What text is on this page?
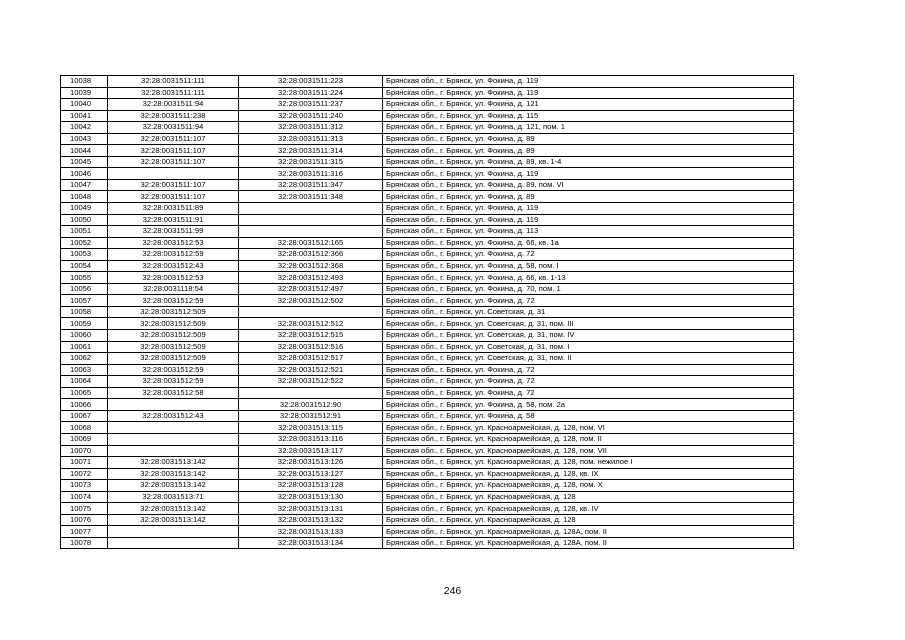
10038	32:28:0031511:111	32:28:0031511:223	Брянская обл., г. Брянск, ул. Фокина, д. 119
10039	32:28:0031511:111	32:28:0031511:224	Брянская обл., г. Брянск, ул. Фокина, д. 119
10040	32:28:0031511:94	32:28:0031511:237	Брянская обл., г. Брянск, ул. Фокина, д. 121
10041	32:28:0031511:238	32:28:0031511:240	Брянская обл., г. Брянск, ул. Фокина, д. 115
10042	32:28:0031511:94	32:28:0031511:312	Брянская обл., г. Брянск, ул. Фокина, д. 121, пом. 1
10043	32:28:0031511:107	32:28:0031511:313	Брянская обл., г. Брянск, ул. Фокина, д. 89
10044	32:28:0031511:107	32:28:0031511:314	Брянская обл., г. Брянск, ул. Фокина, д. 89
10045	32:28:0031511:107	32:28:0031511:315	Брянская обл., г. Брянск, ул. Фокина, д. 89, кв. 1-4
10046		32:28:0031511:316	Брянская обл., г. Брянск, ул. Фокина, д. 119
10047	32:28:0031511:107	32:28:0031511:347	Брянская обл., г. Брянск, ул. Фокина, д. 89, пом. VI
10048	32:28:0031511:107	32:28:0031511:348	Брянская обл., г. Брянск, ул. Фокина, д. 89
10049	32:28:0031511:89		Брянская обл., г. Брянск, ул. Фокина, д. 119
10050	32:28:0031511:91		Брянская обл., г. Брянск, ул. Фокина, д. 119
10051	32:28:0031511:99		Брянская обл., г. Брянск, ул. Фокина, д. 113
10052	32:28:0031512:53	32:28:0031512:165	Брянская обл., г. Брянск, ул. Фокина, д. 66, кв. 1а
10053	32:28:0031512:59	32:28:0031512:366	Брянская обл., г. Брянск, ул. Фокина, д. 72
10054	32:28:0031512:43	32:28:0031512:368	Брянская обл., г. Брянск, ул. Фокина, д. 58, пом. I
10055	32:28:0031512:53	32:28:0031512:493	Брянская обл., г. Брянск, ул. Фокина, д. 66, кв. 1-13
10056	32:28:0031118:54	32:28:0031512:497	Брянская обл., г. Брянск, ул. Фокина, д. 70, пом. 1
10057	32:28:0031512:59	32:28:0031512:502	Брянская обл., г. Брянск, ул. Фокина, д. 72
10058	32:28:0031512:509		Брянская обл., г. Брянск, ул. Советская, д. 31
10059	32:28:0031512:509	32:28:0031512:512	Брянская обл., г. Брянск, ул. Советская, д. 31, пом. III
10060	32:28:0031512:509	32:28:0031512:515	Брянская обл., г. Брянск, ул. Советская, д. 31, пом. IV
10061	32:28:0031512:509	32:28:0031512:516	Брянская обл., г. Брянск, ул. Советская, д. 31, пом. I
10062	32:28:0031512:509	32:28:0031512:517	Брянская обл., г. Брянск, ул. Советская, д. 31, пом. II
10063	32:28:0031512:59	32:28:0031512:521	Брянская обл., г. Брянск, ул. Фокина, д. 72
10064	32:28:0031512:59	32:28:0031512:522	Брянская обл., г. Брянск, ул. Фокина, д. 72
10065	32:28:0031512:58		Брянская обл., г. Брянск, ул. Фокина, д. 72
10066		32:28:0031512:90	Брянская обл., г. Брянск, ул. Фокина, д. 58, пом. 2а
10067	32:28:0031512:43	32:28:0031512:91	Брянская обл., г. Брянск, ул. Фокина, д. 58
10068		32:28:0031513:115	Брянская обл., г. Брянск, ул. Красноармейская, д. 128, пом. VI
10069		32:28:0031513:116	Брянская обл., г. Брянск, ул. Красноармейская, д. 128, пом. II
10070		32:28:0031513:117	Брянская обл., г. Брянск, ул. Красноармейская, д. 128, пом. VII
10071	32:28:0031513:142	32:28:0031513:126	Брянская обл., г. Брянск, ул. Красноармейская, д. 128, пом. нежилое I
10072	32:28:0031513:142	32:28:0031513:127	Брянская обл., г. Брянск, ул. Красноармейская, д. 128, кв. IX
10073	32:28:0031513:142	32:28:0031513:128	Брянская обл., г. Брянск, ул. Красноармейская, д. 128, пом. X
10074	32:28:0031513:71	32:28:0031513:130	Брянская обл., г. Брянск, ул. Красноармейская, д. 128
10075	32:28:0031513:142	32:28:0031513:131	Брянская обл., г. Брянск, ул. Красноармейская, д. 128, кв. IV
10076	32:28:0031513:142	32:28:0031513:132	Брянская обл., г. Брянск, ул. Красноармейская, д. 128
10077		32:28:0031513:133	Брянская обл., г. Брянск, ул. Красноармейская, д. 128А, пом. II
10078		32:28:0031513:134	Брянская обл., г. Брянск, ул. Красноармейская, д. 128А, пом. II
246
